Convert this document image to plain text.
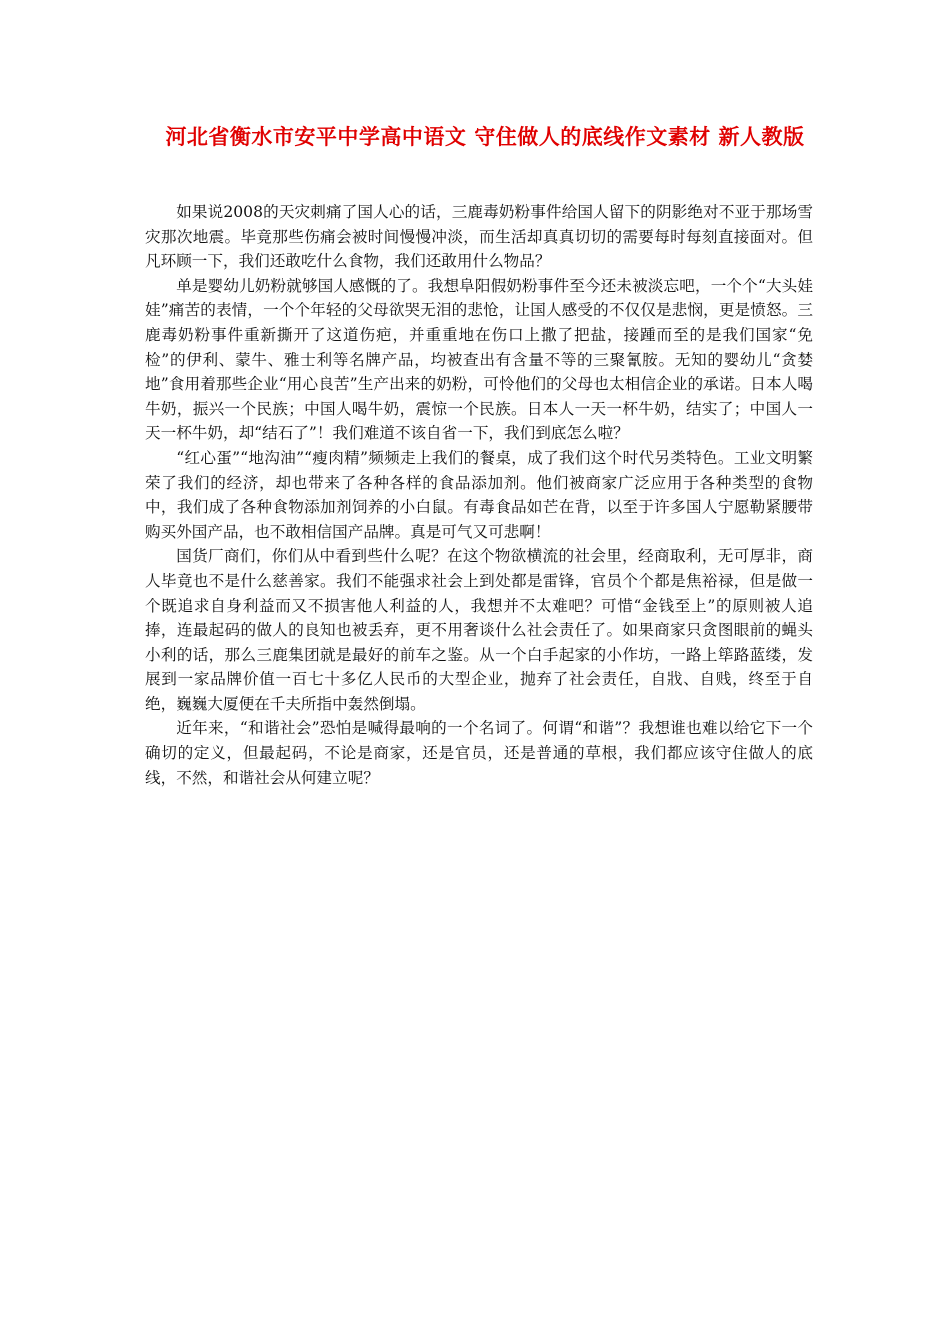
河北省衡水市安平中学高中语文 守住做人的底线作文素材 新人教版

如果说2008的天灾刺痛了国人心的话，三鹿毒奶粉事件给国人留下的阴影绝对不亚于那场雪灾那次地震。毕竟那些伤痛会被时间慢慢冲淡，而生活却真真切切的需要每时每刻直接面对。但凡环顾一下，我们还敢吃什么食物，我们还敢用什么物品？

单是婴幼儿奶粉就够国人感慨的了。我想阜阳假奶粉事件至今还未被淡忘吧，一个个“大头娃娃”痛苦的表情，一个个年轻的父母欲哭无泪的悲怆，让国人感受的不仅仅是悲悯，更是愤怒。三鹿毒奶粉事件重新撕开了这道伤疤，并重重地在伤口上撒了把盐，接踵而至的是我们国家“免检”的伊利、蒙牛、雅士利等名牌产品，均被查出有含量不等的三聚氰胺。无知的婴幼儿“贪婪地”食用着那些企业“用心良苦”生产出来的奶粉，可怜他们的父母也太相信企业的承诺。日本人喝牛奶，振兴一个民族；中国人喝牛奶，震惊一个民族。日本人一天一杯牛奶，结实了；中国人一天一杯牛奶，却“结石了”！我们难道不该自省一下，我们到底怎么啦？

“红心蛋”“地沟油”“瘦肉精”频频走上我们的餐桌，成了我们这个时代另类特色。工业文明繁荣了我们的经济，却也带来了各种各样的食品添加剂。他们被商家广泛应用于各种类型的食物中，我们成了各种食物添加剂饲养的小白鼠。有毒食品如芒在背，以至于许多国人宁愿勒紧腰带购买外国产品，也不敢相信国产品牌。真是可气又可悲啊！

国货厂商们，你们从中看到些什么呢？在这个物欲横流的社会里，经商取利，无可厚非，商人毕竟也不是什么慈善家。我们不能强求社会上到处都是雷锋，官员个个都是焦裕禄，但是做一个既追求自身利益而又不损害他人利益的人，我想并不太难吧？可惜“金钱至上”的原则被人追捧，连最起码的做人的良知也被丢弃，更不用奢谈什么社会责任了。如果商家只贪图眼前的蝇头小利的话，那么三鹿集团就是最好的前车之鉴。从一个白手起家的小作坊，一路上筚路蓝缕，发展到一家品牌价值一百七十多亿人民币的大型企业，抛弃了社会责任，自戕、自贱，终至于自绝，巍巍大厦便在千夫所指中轰然倒塌。

近年来，“和谐社会”恐怕是喊得最响的一个名词了。何谓“和谐”？我想谁也难以给它下一个确切的定义，但最起码，不论是商家，还是官员，还是普通的草根，我们都应该守住做人的底线，不然，和谐社会从何建立呢？
